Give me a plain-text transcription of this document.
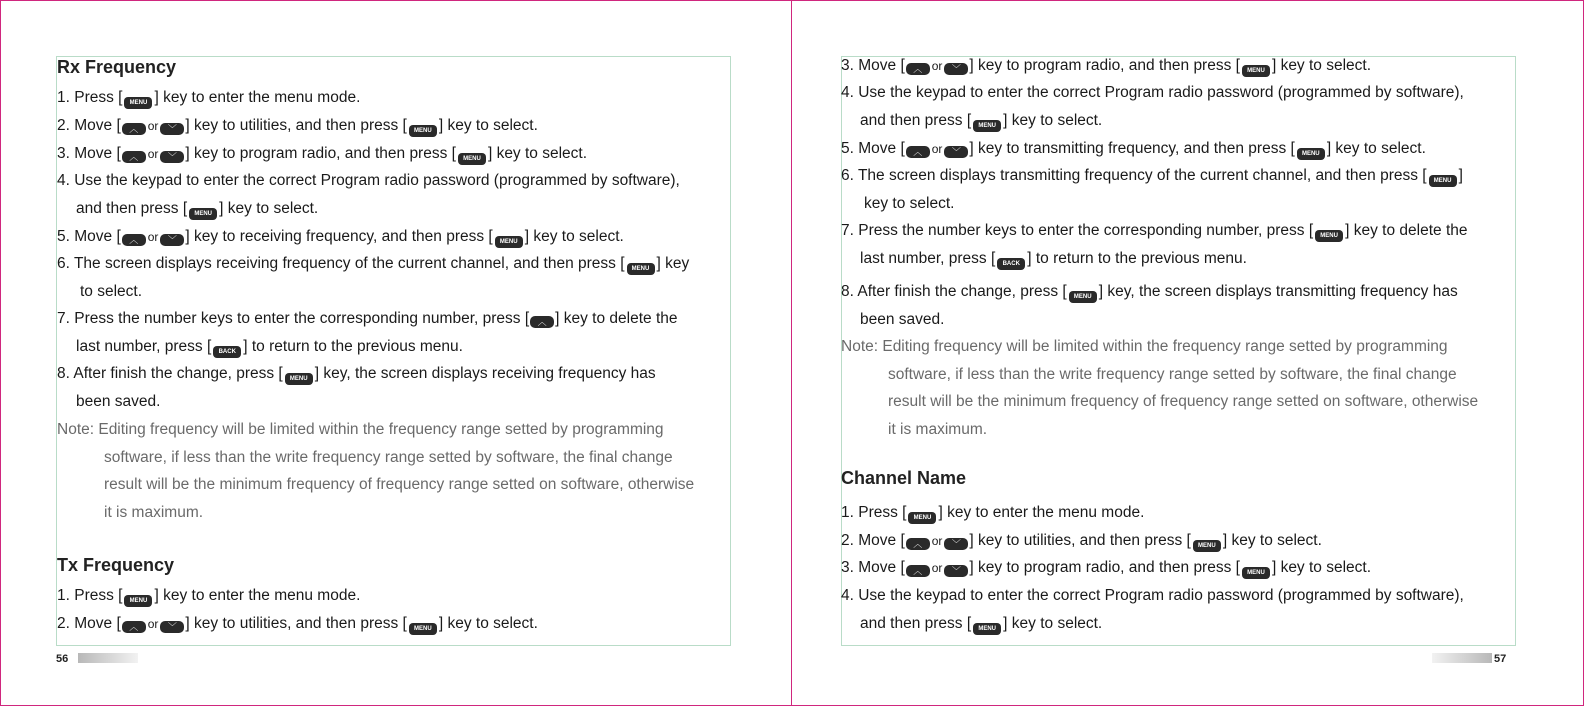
Rx Frequency
1. Press [ MENU ] key to enter the menu mode.
2. Move [ ︿ or ﹀ ] key to utilities, and then press [ MENU ] key to select.
3. Move [ ︿ or ﹀ ] key to program radio, and then press [ MENU ] key to select.
4. Use the keypad to enter the correct Program radio password (programmed by software),
and then press [ MENU ] key to select.
5. Move [ ︿ or ﹀ ] key to receiving frequency, and then press [ MENU ] key to select.
6. The screen displays receiving frequency of the current channel, and then press [ MENU ] key
to select.
7. Press the number keys to enter the corresponding number, press [ ︿ ] key to delete the
last number, press [ BACK ] to return to the previous menu.
8. After finish the change, press [ MENU ] key, the screen displays receiving frequency has
been saved.
Note: Editing frequency will be limited within the frequency range setted by programming
software, if less than the write frequency range setted by software, the final change
result will be the minimum frequency of frequency range setted on software, otherwise
it is maximum.
Tx Frequency
1. Press [ MENU ] key to enter the menu mode.
2. Move [ ︿ or ﹀ ] key to utilities, and then press [ MENU ] key to select.
56
3. Move [ ︿ or ﹀ ] key to program radio, and then press [ MENU ] key to select.
4. Use the keypad to enter the correct Program radio password (programmed by software),
and then press [ MENU ] key to select.
5. Move [ ︿ or ﹀ ] key to transmitting frequency, and then press [ MENU ] key to select.
6. The screen displays transmitting frequency of the current channel, and then press [ MENU ]
key to select.
7. Press the number keys to enter the corresponding number, press [ MENU ] key to delete the
last number, press [ BACK ] to return to the previous menu.
8. After finish the change, press [ MENU ] key, the screen displays transmitting frequency has
been saved.
Note: Editing frequency will be limited within the frequency range setted by programming
software, if less than the write frequency range setted by software, the final change
result will be the minimum frequency of frequency range setted on software, otherwise
it is maximum.
Channel Name
1. Press [ MENU ] key to enter the menu mode.
2. Move [ ︿ or ﹀ ] key to utilities, and then press [ MENU ] key to select.
3. Move [ ︿ or ﹀ ] key to program radio, and then press [ MENU ] key to select.
4. Use the keypad to enter the correct Program radio password (programmed by software),
and then press [ MENU ] key to select.
57
